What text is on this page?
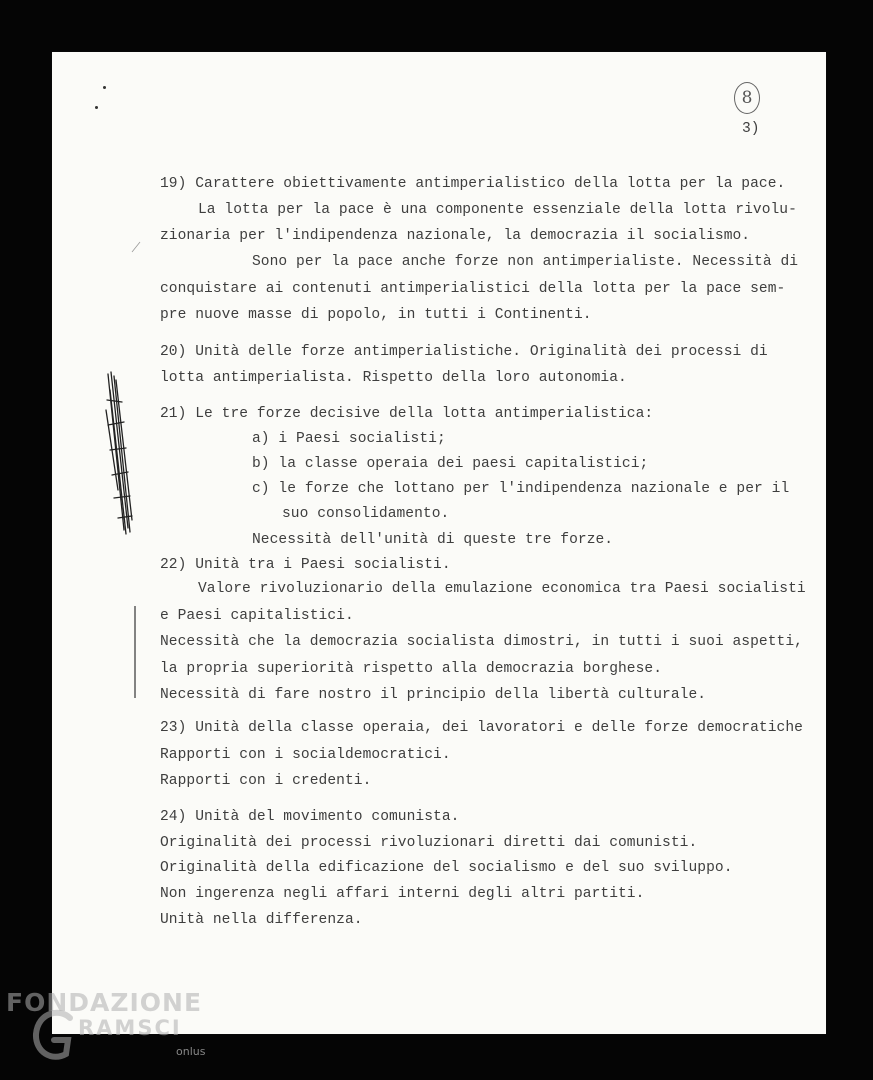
8
3)
19) Carattere obiettivamente antimperialistico della lotta per la pace.
La lotta per la pace è una componente essenziale della lotta rivolu-
zionaria per l'indipendenza nazionale, la democrazia il socialismo.
Sono per la pace anche forze non antimperialiste. Necessità di
conquistare ai contenuti antimperialistici della lotta per la pace sem-
pre nuove masse di popolo, in tutti i Continenti.
20) Unità delle forze antimperialistiche. Originalità dei processi di
lotta antimperialista. Rispetto della loro autonomia.
21) Le tre forze decisive della lotta antimperialistica:
a) i Paesi socialisti;
b) la classe operaia dei paesi capitalistici;
c) le forze che lottano per l'indipendenza nazionale e per il
suo consolidamento.
Necessità dell'unità di queste tre forze.
22) Unità tra i Paesi socialisti.
Valore rivoluzionario della emulazione economica tra Paesi socialisti
e Paesi capitalistici.
Necessità che la democrazia socialista dimostri, in tutti i suoi aspetti,
la propria superiorità rispetto alla democrazia borghese.
Necessità di fare nostro il principio della libertà culturale.
23) Unità della classe operaia, dei lavoratori e delle forze democratiche
Rapporti con i socialdemocratici.
Rapporti con i credenti.
24) Unità del movimento comunista.
Originalità dei processi rivoluzionari diretti dai comunisti.
Originalità della edificazione del socialismo e del suo sviluppo.
Non ingerenza negli affari interni degli altri partiti.
Unità nella differenza.
FONDAZIONE
RAMSCI
onlus
